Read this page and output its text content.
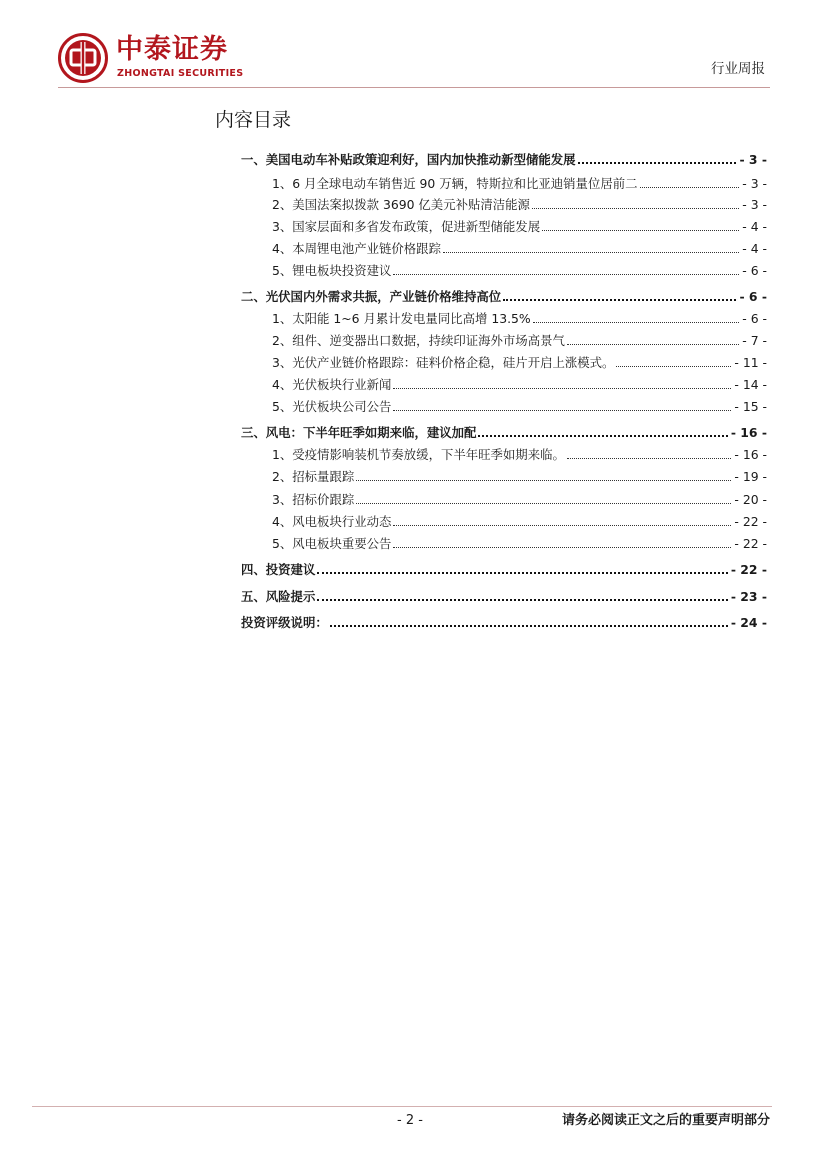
中泰证券
ZHONGTAI SECURITIES	行业周报
内容目录
一、美国电动车补贴政策迎利好，国内加快推动新型储能发展	- 3 -
1、6 月全球电动车销售近 90 万辆，特斯拉和比亚迪销量位居前二	- 3 -
2、美国法案拟拨款 3690 亿美元补贴清洁能源	- 3 -
3、国家层面和多省发布政策，促进新型储能发展	- 4 -
4、本周锂电池产业链价格跟踪	- 4 -
5、锂电板块投资建议	- 6 -
二、光伏国内外需求共振，产业链价格维持高位	- 6 -
1、太阳能 1~6 月累计发电量同比高增 13.5%	- 6 -
2、组件、逆变器出口数据，持续印证海外市场高景气	- 7 -
3、光伏产业链价格跟踪：硅料价格企稳，硅片开启上涨模式。	- 11 -
4、光伏板块行业新闻	- 14 -
5、光伏板块公司公告	- 15 -
三、风电：下半年旺季如期来临，建议加配	- 16 -
1、受疫情影响装机节奏放缓，下半年旺季如期来临。	- 16 -
2、招标量跟踪	- 19 -
3、招标价跟踪	- 20 -
4、风电板块行业动态	- 22 -
5、风电板块重要公告	- 22 -
四、投资建议	- 22 -
五、风险提示	- 23 -
投资评级说明：	- 24 -
- 2 -	请务必阅读正文之后的重要声明部分
